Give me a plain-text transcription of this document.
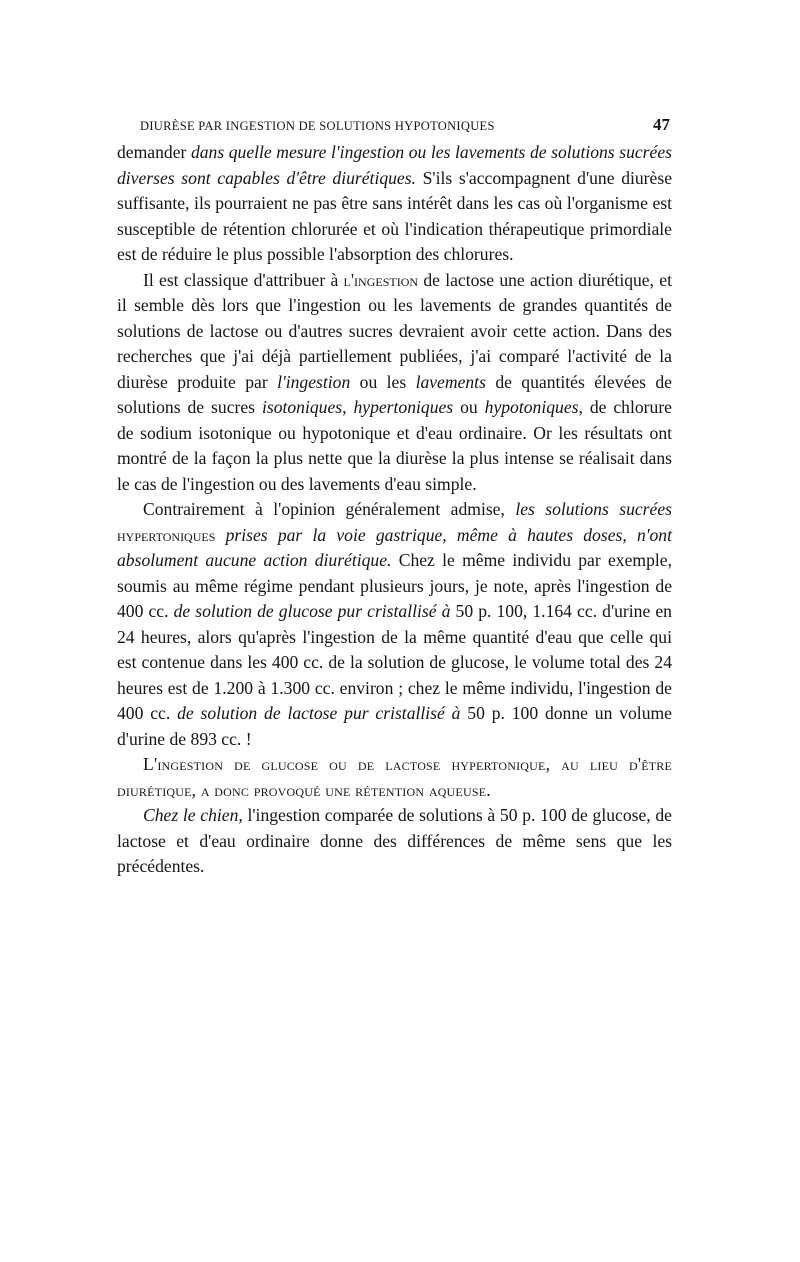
DIURÈSE PAR INGESTION DE SOLUTIONS HYPOTONIQUES	47

demander dans quelle mesure l'ingestion ou les lavements de solutions sucrées diverses sont capables d'être diurétiques. S'ils s'accompagnent d'une diurèse suffisante, ils pourraient ne pas être sans intérêt dans les cas où l'organisme est susceptible de rétention chlorurée et où l'indication thérapeutique primordiale est de réduire le plus possible l'absorption des chlorures.

Il est classique d'attribuer à l'ingestion de lactose une action diurétique, et il semble dès lors que l'ingestion ou les lavements de grandes quantités de solutions de lactose ou d'autres sucres devraient avoir cette action. Dans des recherches que j'ai déjà partiellement publiées, j'ai comparé l'activité de la diurèse produite par l'ingestion ou les lavements de quantités élevées de solutions de sucres isotoniques, hypertoniques ou hypotoniques, de chlorure de sodium isotonique ou hypotonique et d'eau ordinaire. Or les résultats ont montré de la façon la plus nette que la diurèse la plus intense se réalisait dans le cas de l'ingestion ou des lavements d'eau simple.

Contrairement à l'opinion généralement admise, les solutions sucrées hypertoniques prises par la voie gastrique, même à hautes doses, n'ont absolument aucune action diurétique. Chez le même individu par exemple, soumis au même régime pendant plusieurs jours, je note, après l'ingestion de 400 cc. de solution de glucose pur cristallisé à 50 p. 100, 1.164 cc. d'urine en 24 heures, alors qu'après l'ingestion de la même quantité d'eau que celle qui est contenue dans les 400 cc. de la solution de glucose, le volume total des 24 heures est de 1.200 à 1.300 cc. environ ; chez le même individu, l'ingestion de 400 cc. de solution de lactose pur cristallisé à 50 p. 100 donne un volume d'urine de 893 cc. !

L'ingestion de glucose ou de lactose hypertonique, au lieu d'être diurétique, a donc provoqué une rétention aqueuse.

Chez le chien, l'ingestion comparée de solutions à 50 p. 100 de glucose, de lactose et d'eau ordinaire donne des différences de même sens que les précédentes.
